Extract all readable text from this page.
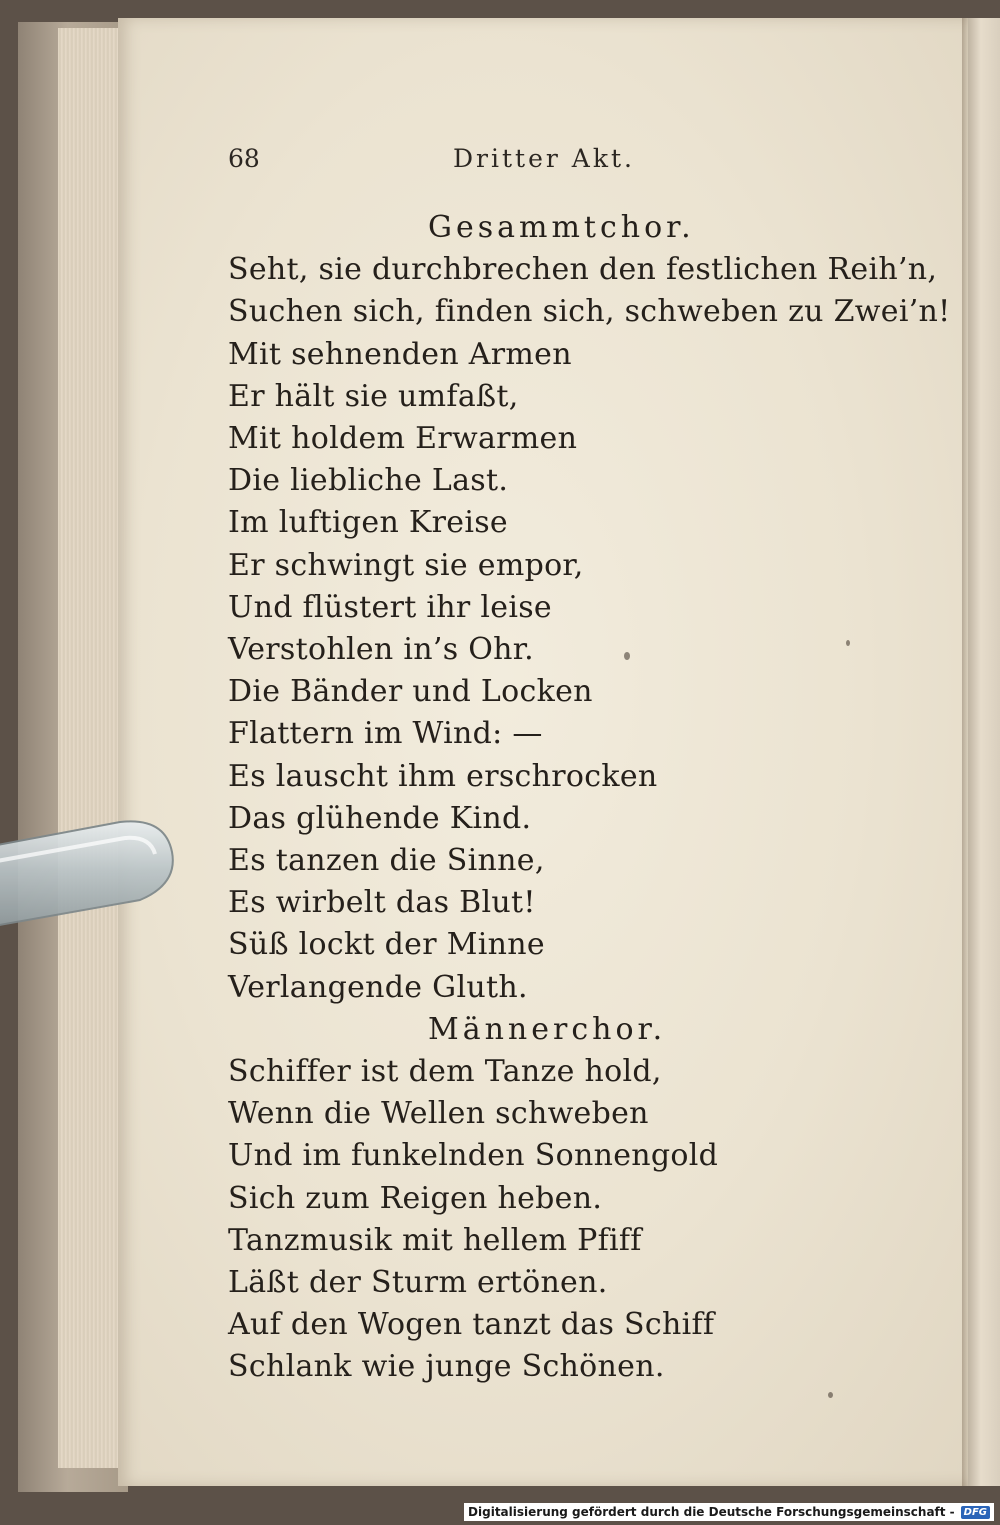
68	Dritter Akt.
Gesammtchor.
Seht, sie durchbrechen den festlichen Reih’n,
Suchen sich, finden sich, schweben zu Zwei’n!
Mit sehnenden Armen
Er hält sie umfaßt,
Mit holdem Erwarmen
Die liebliche Last.
Im luftigen Kreise
Er schwingt sie empor,
Und flüstert ihr leise
Verstohlen in’s Ohr.
Die Bänder und Locken
Flattern im Wind: —
Es lauscht ihm erschrocken
Das glühende Kind.
Es tanzen die Sinne,
Es wirbelt das Blut!
Süß lockt der Minne
Verlangende Gluth.
Männerchor.
Schiffer ist dem Tanze hold,
Wenn die Wellen schweben
Und im funkelnden Sonnengold
Sich zum Reigen heben.
Tanzmusik mit hellem Pfiff
Läßt der Sturm ertönen.
Auf den Wogen tanzt das Schiff
Schlank wie junge Schönen.
Digitalisierung gefördert durch die Deutsche Forschungsgemeinschaft - DFG
